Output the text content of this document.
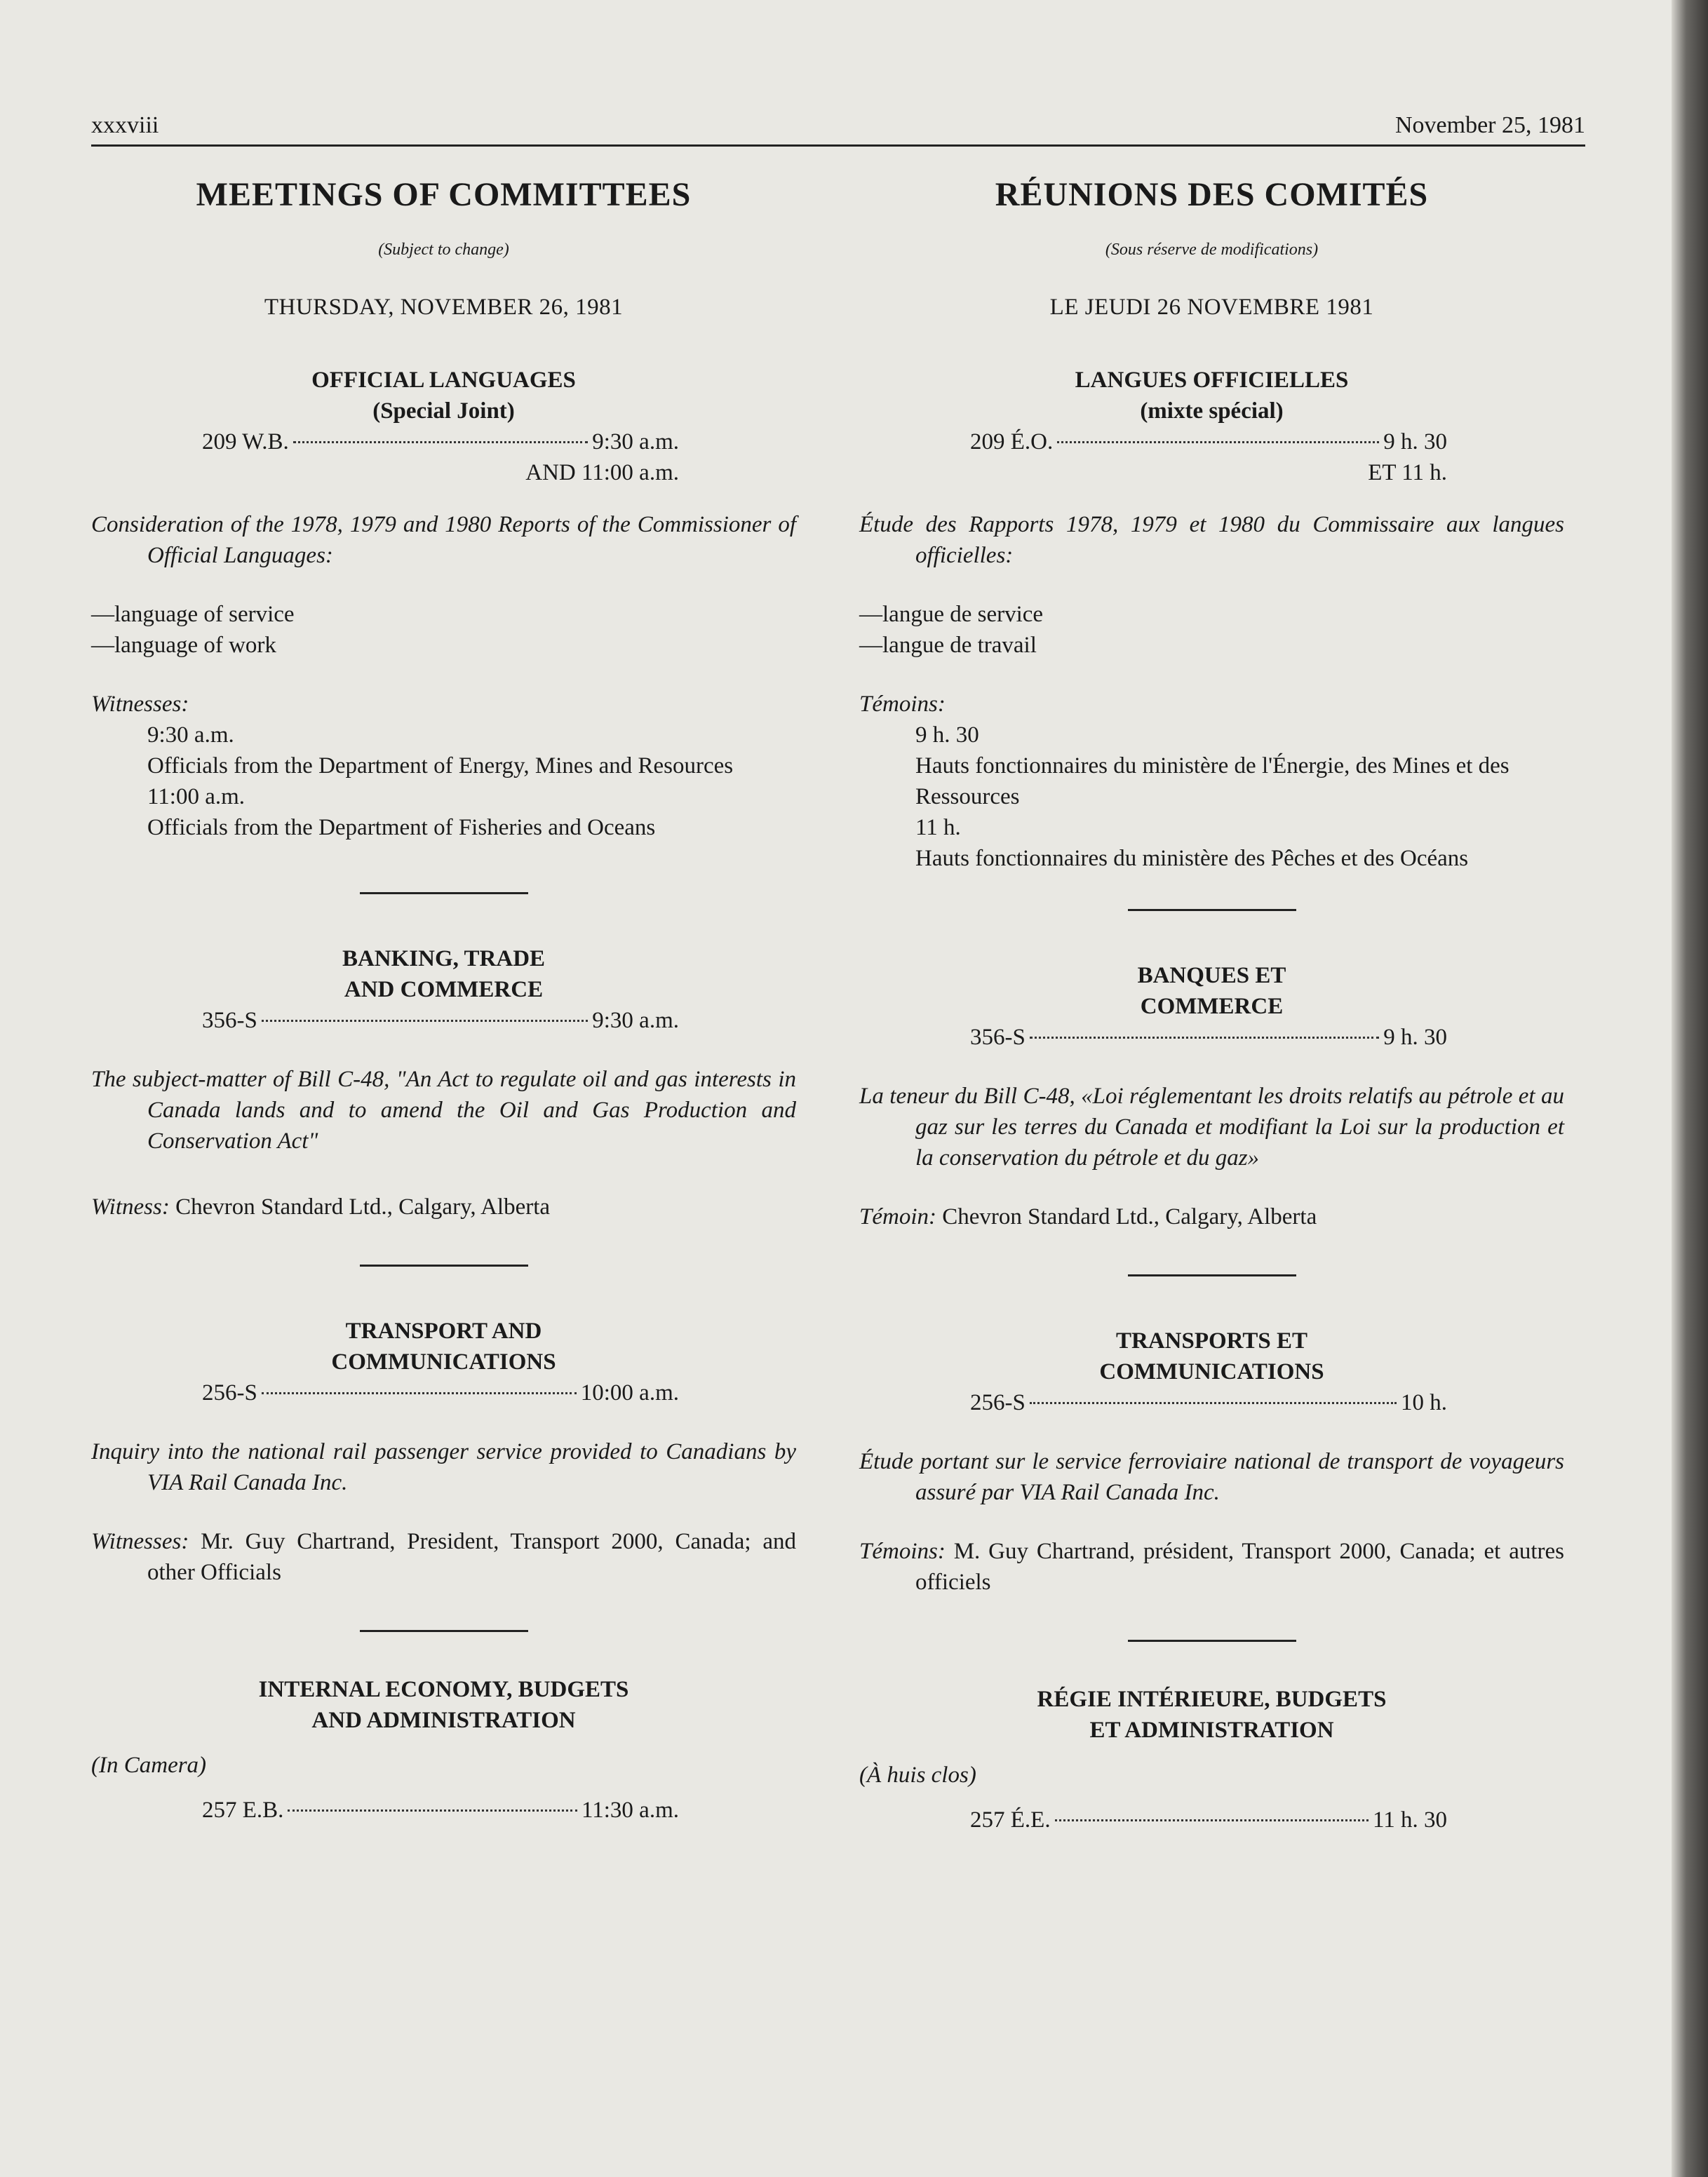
xxxviii	November 25, 1981
MEETINGS OF COMMITTEES
(Subject to change)
THURSDAY, NOVEMBER 26, 1981
OFFICIAL LANGUAGES
(Special Joint)
209 W.B.	9:30 a.m.
AND 11:00 a.m.
Consideration of the 1978, 1979 and 1980 Reports of the Commissioner of Official Languages:
—language of service
—language of work
Witnesses:
9:30 a.m.
Officials from the Department of Energy, Mines and Resources
11:00 a.m.
Officials from the Department of Fisheries and Oceans
BANKING, TRADE
AND COMMERCE
356-S	9:30 a.m.
The subject-matter of Bill C-48, "An Act to regulate oil and gas interests in Canada lands and to amend the Oil and Gas Production and Conservation Act"
Witness: Chevron Standard Ltd., Calgary, Alberta
TRANSPORT AND
COMMUNICATIONS
256-S	10:00 a.m.
Inquiry into the national rail passenger service provided to Canadians by VIA Rail Canada Inc.
Witnesses: Mr. Guy Chartrand, President, Transport 2000, Canada; and other Officials
INTERNAL ECONOMY, BUDGETS
AND ADMINISTRATION
(In Camera)
257 E.B.	11:30 a.m.
RÉUNIONS DES COMITÉS
(Sous réserve de modifications)
LE JEUDI 26 NOVEMBRE 1981
LANGUES OFFICIELLES
(mixte spécial)
209 É.O.	9 h. 30
ET 11 h.
Étude des Rapports 1978, 1979 et 1980 du Commissaire aux langues officielles:
—langue de service
—langue de travail
Témoins:
9 h. 30
Hauts fonctionnaires du ministère de l'Énergie, des Mines et des Ressources
11 h.
Hauts fonctionnaires du ministère des Pêches et des Océans
BANQUES ET
COMMERCE
356-S	9 h. 30
La teneur du Bill C-48, «Loi réglementant les droits relatifs au pétrole et au gaz sur les terres du Canada et modifiant la Loi sur la production et la conservation du pétrole et du gaz»
Témoin: Chevron Standard Ltd., Calgary, Alberta
TRANSPORTS ET
COMMUNICATIONS
256-S	10 h.
Étude portant sur le service ferroviaire national de transport de voyageurs assuré par VIA Rail Canada Inc.
Témoins: M. Guy Chartrand, président, Transport 2000, Canada; et autres officiels
RÉGIE INTÉRIEURE, BUDGETS
ET ADMINISTRATION
(À huis clos)
257 É.E.	11 h. 30
